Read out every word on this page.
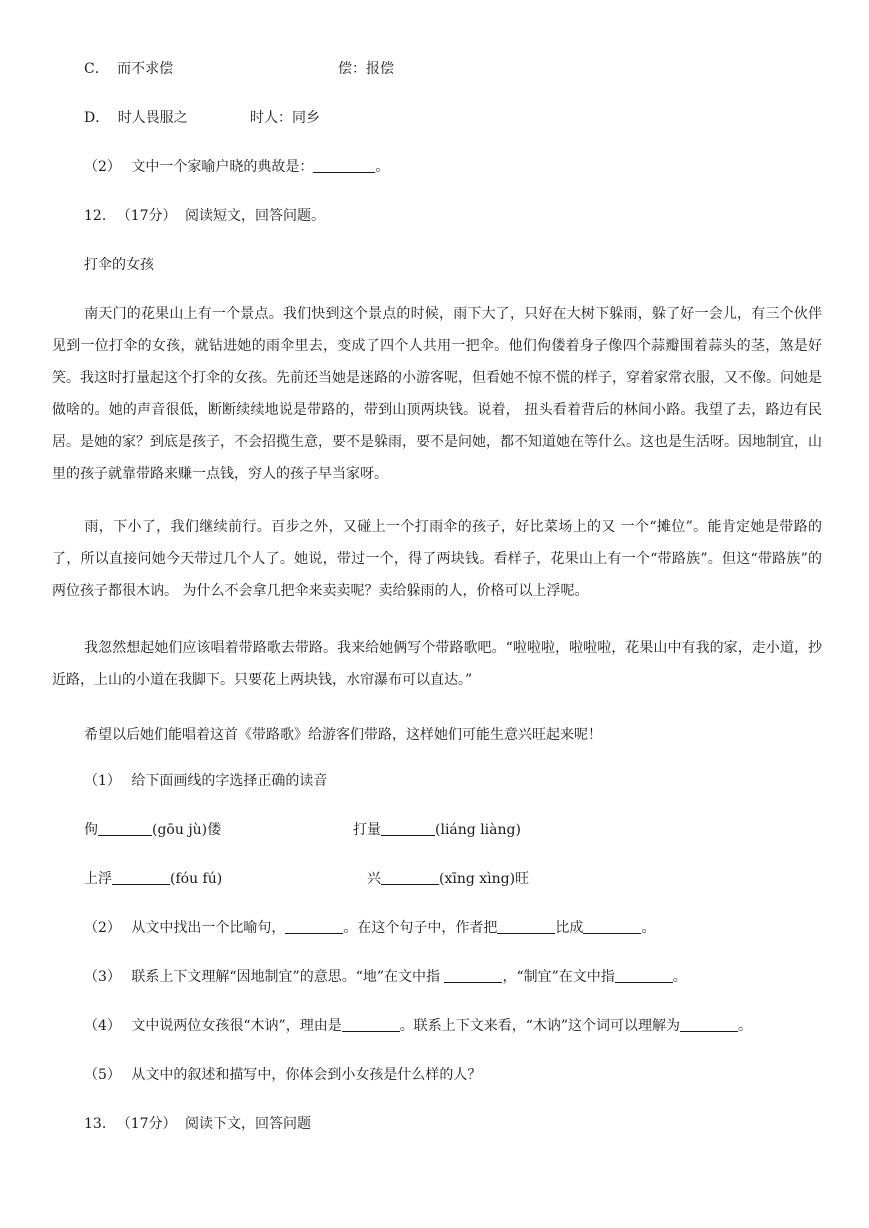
C． 而不求偿	偿：报偿
D． 时人畏服之	时人：同乡
（2） 文中一个家喻户晓的典故是：	。
12. （17分） 阅读短文，回答问题。
打伞的女孩
南天门的花果山上有一个景点。我们快到这个景点的时候，雨下大了，只好在大树下躲雨，躲了好一会儿，有三个伙伴见到一位打伞的女孩，就钻进她的雨伞里去，变成了四个人共用一把伞。他们佝偻着身子像四个蒜瓣围着蒜头的茎，煞是好笑。我这时打量起这个打伞的女孩。先前还当她是迷路的小游客呢，但看她不惊不慌的样子，穿着家常衣服，又不像。问她是做啥的。她的声音很低，断断续续地说是带路的，带到山顶两块钱。说着， 扭头看着背后的林间小路。我望了去，路边有民居。是她的家？到底是孩子，不会招揽生意，要不是躲雨，要不是问她，都不知道她在等什么。这也是生活呀。因地制宜，山里的孩子就靠带路来赚一点钱，穷人的孩子早当家呀。
雨，下小了，我们继续前行。百步之外，又碰上一个打雨伞的孩子，好比菜场上的又 一个“摊位”。能肯定她是带路的了，所以直接问她今天带过几个人了。她说，带过一个，得了两块钱。看样子，花果山上有一个“带路族”。但这“带路族”的两位孩子都很木讷。 为什么不会拿几把伞来卖卖呢？卖给躲雨的人，价格可以上浮呢。
我忽然想起她们应该唱着带路歌去带路。我来给她俩写个带路歌吧。“啦啦啦，啦啦啦，花果山中有我的家，走小道，抄近路，上山的小道在我脚下。只要花上两块钱，水帘瀑布可以直达。”
希望以后她们能唱着这首《带路歌》给游客们带路，这样她们可能生意兴旺起来呢！
（1） 给下面画线的字选择正确的读音
佝	(gōu jù)偻	打量	(liáng liàng)
上浮	(fóu fú)	兴	(xīng xìng)旺
（2） 从文中找出一个比喻句，	。在这个句子中，作者把	比成	。
（3） 联系上下文理解“因地制宜”的意思。“地”在文中指	，“制宜”在文中指	。
（4） 文中说两位女孩很“木讷”，理由是	。联系上下文来看，“木讷”这个词可以理解为	。
（5） 从文中的叙述和描写中，你体会到小女孩是什么样的人？
13. （17分） 阅读下文，回答问题
